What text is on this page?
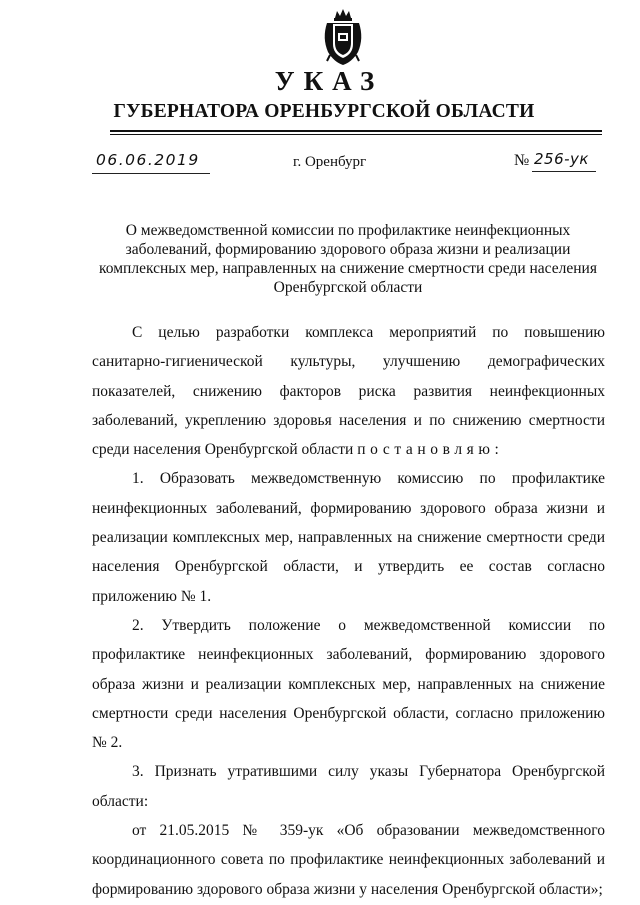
УКАЗ
ГУБЕРНАТОРА ОРЕНБУРГСКОЙ ОБЛАСТИ
06.06.2019	г. Оренбург	№ 256-ук
О межведомственной комиссии по профилактике неинфекционных заболеваний, формированию здорового образа жизни и реализации комплексных мер, направленных на снижение смертности среди населения Оренбургской области

С целью разработки комплекса мероприятий по повышению санитарно-гигиенической культуры, улучшению демографических показателей, снижению факторов риска развития неинфекционных заболеваний, укреплению здоровья населения и по снижению смертности среди населения Оренбургской области постановляю:

1. Образовать межведомственную комиссию по профилактике неинфекционных заболеваний, формированию здорового образа жизни и реализации комплексных мер, направленных на снижение смертности среди населения Оренбургской области, и утвердить ее состав согласно приложению № 1.

2. Утвердить положение о межведомственной комиссии по профилактике неинфекционных заболеваний, формированию здорового образа жизни и реализации комплексных мер, направленных на снижение смертности среди населения Оренбургской области, согласно приложению № 2.

3. Признать утратившими силу указы Губернатора Оренбургской области:

от 21.05.2015 № 359-ук «Об образовании межведомственного координационного совета по профилактике неинфекционных заболеваний и формированию здорового образа жизни у населения Оренбургской области»;
